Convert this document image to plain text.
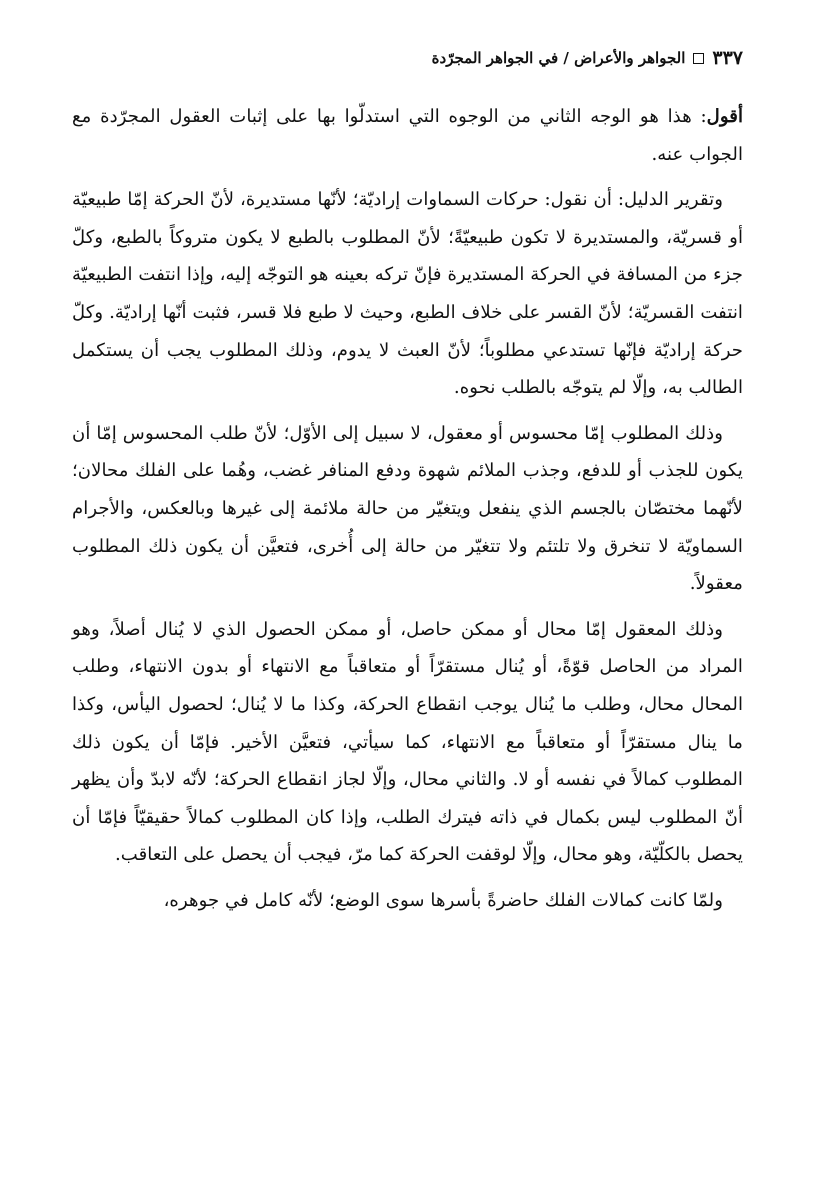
٣٣٧
الجواهر والأعراض / في الجواهر المجرّدة

أقول: هذا هو الوجه الثاني من الوجوه التي استدلّوا بها على إثبات العقول المجرّدة مع الجواب عنه.

وتقرير الدليل: أن نقول: حركات السماوات إراديّة؛ لأنّها مستديرة، لأنّ الحركة إمّا طبيعيّة أو قسريّة، والمستديرة لا تكون طبيعيّةً؛ لأنّ المطلوب بالطبع لا يكون متروكاً بالطبع، وكلّ جزء من المسافة في الحركة المستديرة فإنّ تركه بعينه هو التوجّه إليه، وإذا انتفت الطبيعيّة انتفت القسريّة؛ لأنّ القسر على خلاف الطبع، وحيث لا طبع فلا قسر، فثبت أنّها إراديّة. وكلّ حركة إراديّة فإنّها تستدعي مطلوباً؛ لأنّ العبث لا يدوم، وذلك المطلوب يجب أن يستكمل الطالب به، وإلّا لم يتوجّه بالطلب نحوه.

وذلك المطلوب إمّا محسوس أو معقول، لا سبيل إلى الأوّل؛ لأنّ طلب المحسوس إمّا أن يكون للجذب أو للدفع، وجذب الملائم شهوة ودفع المنافر غضب، وهُما على الفلك محالان؛ لأنّهما مختصّان بالجسم الذي ينفعل ويتغيّر من حالة ملائمة إلى غيرها وبالعكس، والأجرام السماويّة لا تنخرق ولا تلتئم ولا تتغيّر من حالة إلى أُخرى، فتعيَّن أن يكون ذلك المطلوب معقولاً.

وذلك المعقول إمّا محال أو ممكن حاصل، أو ممكن الحصول الذي لا يُنال أصلاً، وهو المراد من الحاصل قوّةً، أو يُنال مستقرّاً أو متعاقباً مع الانتهاء أو بدون الانتهاء، وطلب المحال محال، وطلب ما يُنال يوجب انقطاع الحركة، وكذا ما لا يُنال؛ لحصول اليأس، وكذا ما ينال مستقرّاً أو متعاقباً مع الانتهاء، كما سيأتي، فتعيَّن الأخير. فإمّا أن يكون ذلك المطلوب كمالاً في نفسه أو لا. والثاني محال، وإلّا لجاز انقطاع الحركة؛ لأنّه لابدّ وأن يظهر أنّ المطلوب ليس بكمال في ذاته فيترك الطلب، وإذا كان المطلوب كمالاً حقيقيّاً فإمّا أن يحصل بالكلّيّة، وهو محال، وإلّا لوقفت الحركة كما مرّ، فيجب أن يحصل على التعاقب.

ولمّا كانت كمالات الفلك حاضرةً بأسرها سوى الوضع؛ لأنّه كامل في جوهره،
